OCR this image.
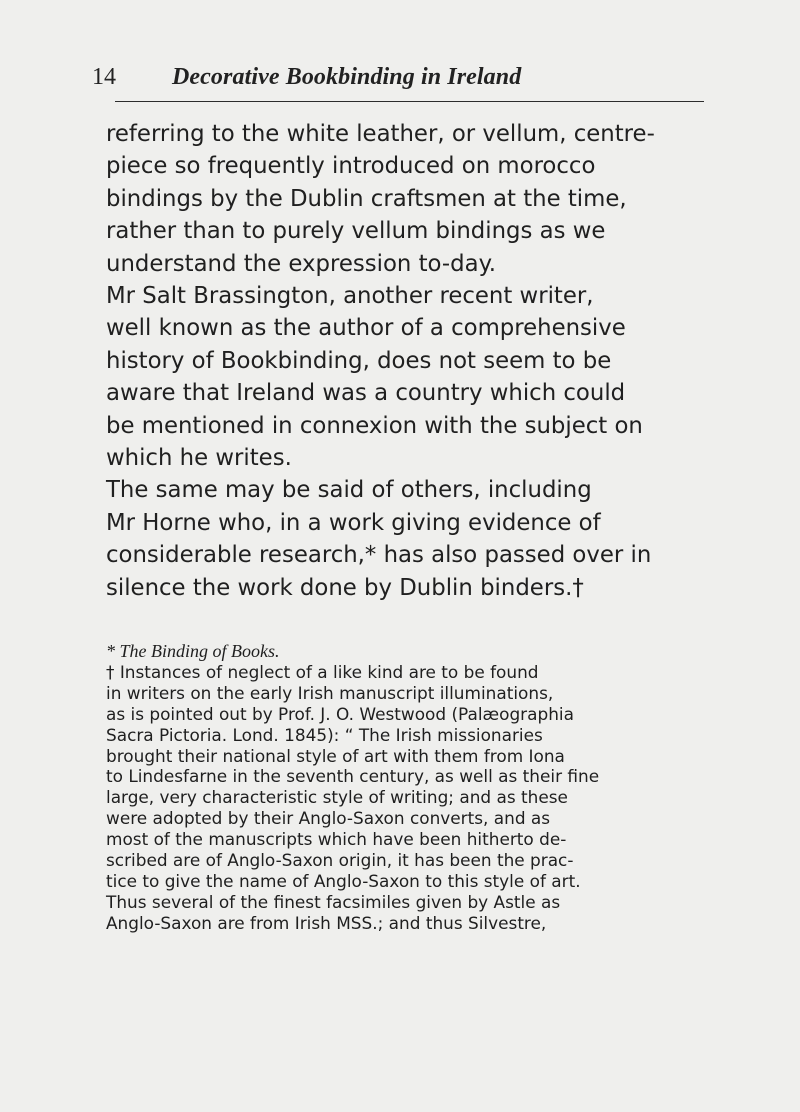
14 Decorative Bookbinding in Ireland
referring to the white leather, or vellum, centre-
piece so frequently introduced on morocco
bindings by the Dublin craftsmen at the time,
rather than to purely vellum bindings as we
understand the expression to-day.
Mr Salt Brassington, another recent writer,
well known as the author of a comprehensive
history of Bookbinding, does not seem to be
aware that Ireland was a country which could
be mentioned in connexion with the subject on
which he writes.
The same may be said of others, including
Mr Horne who, in a work giving evidence of
considerable research,* has also passed over in
silence the work done by Dublin binders.†
* The Binding of Books.
† Instances of neglect of a like kind are to be found
in writers on the early Irish manuscript illuminations,
as is pointed out by Prof. J. O. Westwood (Palæographia
Sacra Pictoria. Lond. 1845): “ The Irish missionaries
brought their national style of art with them from Iona
to Lindesfarne in the seventh century, as well as their fine
large, very characteristic style of writing; and as these
were adopted by their Anglo-Saxon converts, and as
most of the manuscripts which have been hitherto de-
scribed are of Anglo-Saxon origin, it has been the prac-
tice to give the name of Anglo-Saxon to this style of art.
Thus several of the finest facsimiles given by Astle as
Anglo-Saxon are from Irish MSS.; and thus Silvestre,
